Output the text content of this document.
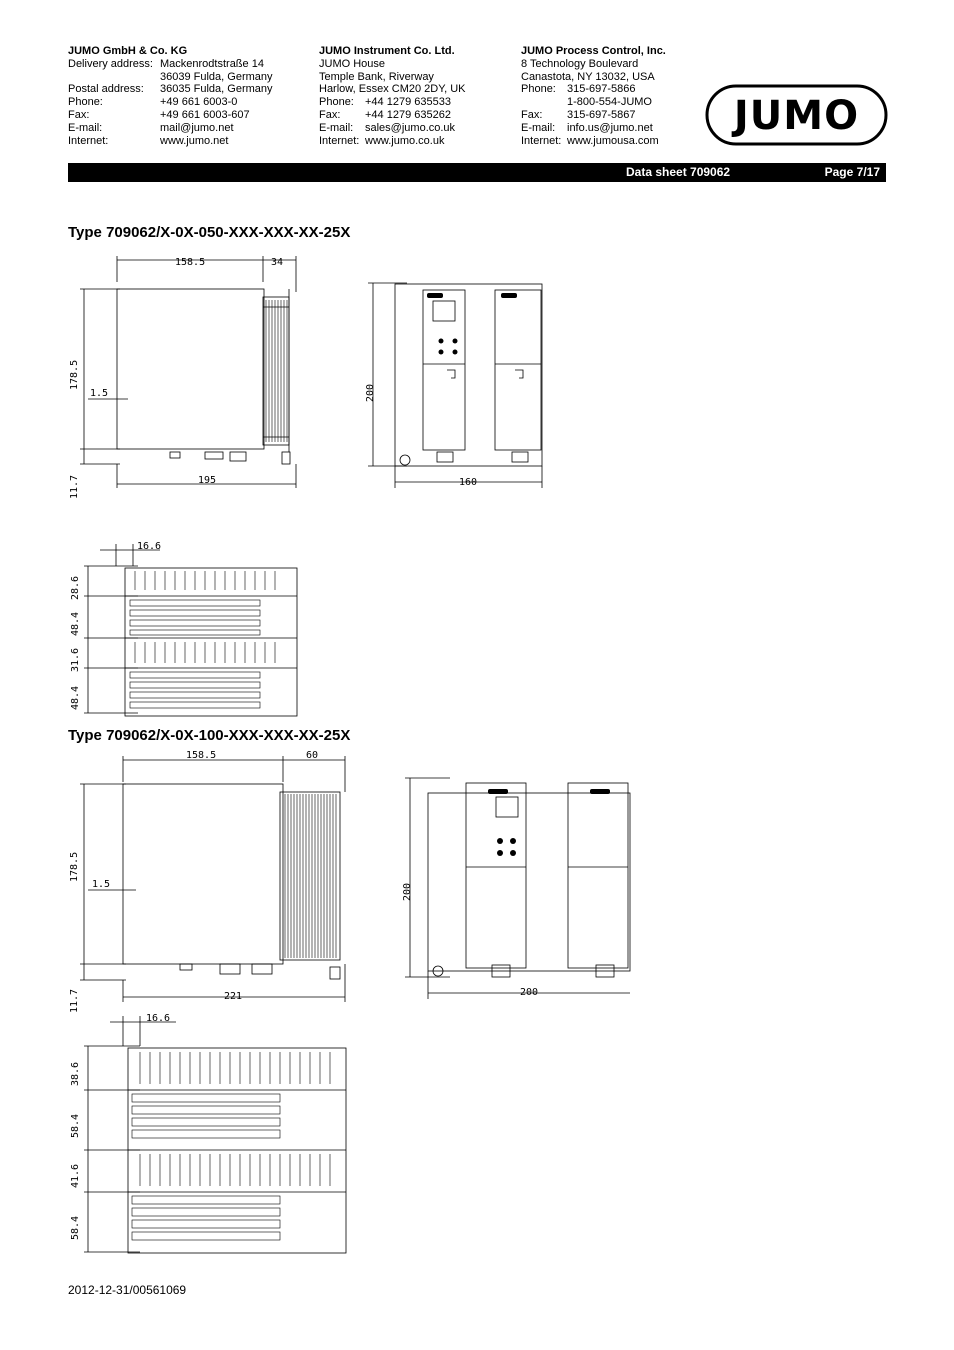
JUMO GmbH & Co. KG
Delivery address: Mackenrodtstraße 14
36039 Fulda, Germany
Postal address:	36035 Fulda, Germany
Phone:	+49 661 6003-0
Fax:	+49 661 6003-607
E-mail:	mail@jumo.net
Internet:	www.jumo.net
JUMO Instrument Co. Ltd.
JUMO House
Temple Bank, Riverway
Harlow, Essex CM20 2DY, UK
Phone:	+44 1279 635533
Fax:	+44 1279 635262
E-mail:	sales@jumo.co.uk
Internet: www.jumo.co.uk
JUMO Process Control, Inc.
8 Technology Boulevard
Canastota, NY 13032, USA
Phone:	315-697-5866
1-800-554-JUMO
Fax:	315-697-5867
E-mail:	info.us@jumo.net
Internet: www.jumousa.com
JUMO
Data sheet 709062	Page 7/17
Type 709062/X-0X-050-XXX-XXX-XX-25X
158.5	34
178.5
1.5
11.7	195
200
160
16.6
28.6
48.4
31.6
48.4
Type 709062/X-0X-100-XXX-XXX-XX-25X
158.5	60
178.5
1.5
11.7	221
200
200
16.6
38.6
58.4
41.6
58.4
2012-12-31/00561069
